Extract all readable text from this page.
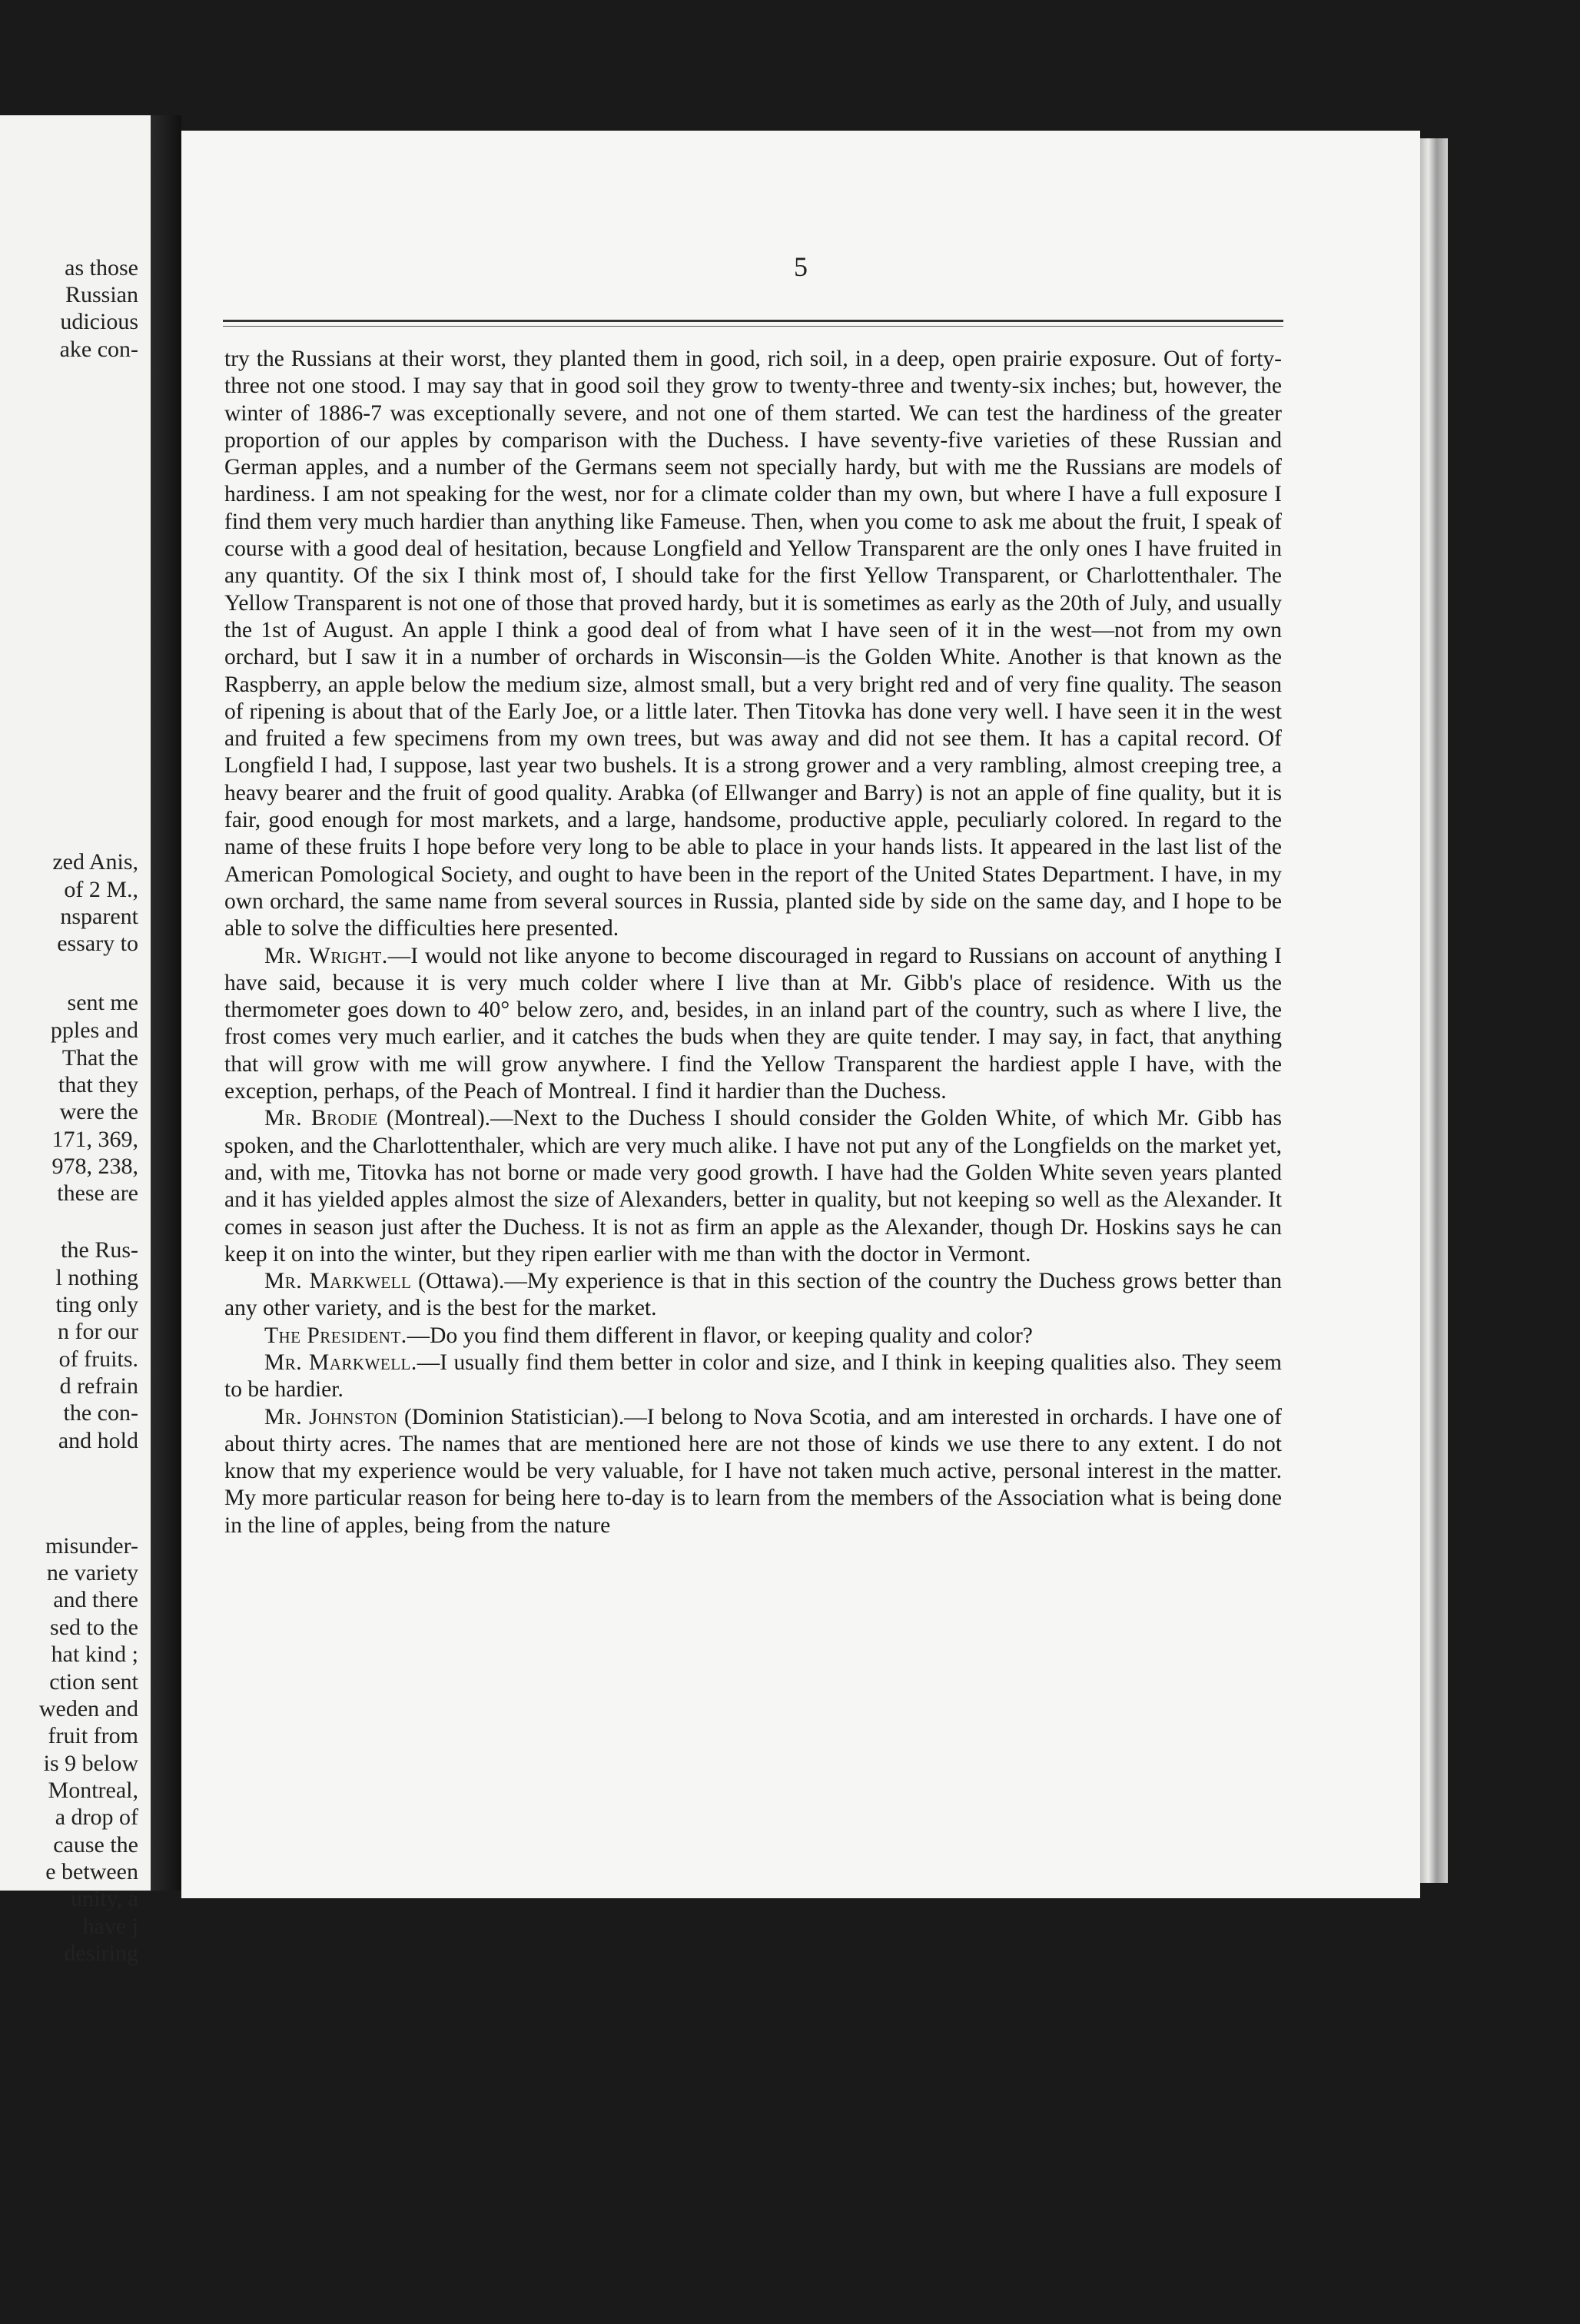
as those
Russian
udicious
ake con-
zed Anis,
of 2 M.,
nsparent
essary to
sent me
pples and
That the
that they
were the
171, 369,
978, 238,
these are
the Rus-
l nothing
ting only
n for our
of fruits.
d refrain
the con-
and hold
misunder-
ne variety
and there
sed to the
hat kind ;
ction sent
weden and
fruit from
is 9 below
Montreal,
a drop of
cause the
e between
unity, a
have j
desiring
5

try the Russians at their worst, they planted them in good, rich soil, in a deep, open prairie exposure. Out of forty-three not one stood. I may say that in good soil they grow to twenty-three and twenty-six inches; but, however, the winter of 1886-7 was exceptionally severe, and not one of them started. We can test the hardiness of the greater proportion of our apples by comparison with the Duchess. I have seventy-five varieties of these Russian and German apples, and a number of the Germans seem not specially hardy, but with me the Russians are models of hardiness. I am not speaking for the west, nor for a climate colder than my own, but where I have a full exposure I find them very much hardier than anything like Fameuse. Then, when you come to ask me about the fruit, I speak of course with a good deal of hesitation, because Longfield and Yellow Transparent are the only ones I have fruited in any quantity. Of the six I think most of, I should take for the first Yellow Transparent, or Charlottenthaler. The Yellow Transparent is not one of those that proved hardy, but it is sometimes as early as the 20th of July, and usually the 1st of August. An apple I think a good deal of from what I have seen of it in the west—not from my own orchard, but I saw it in a number of orchards in Wisconsin—is the Golden White. Another is that known as the Raspberry, an apple below the medium size, almost small, but a very bright red and of very fine quality. The season of ripening is about that of the Early Joe, or a little later. Then Titovka has done very well. I have seen it in the west and fruited a few specimens from my own trees, but was away and did not see them. It has a capital record. Of Longfield I had, I suppose, last year two bushels. It is a strong grower and a very rambling, almost creeping tree, a heavy bearer and the fruit of good quality. Arabka (of Ellwanger and Barry) is not an apple of fine quality, but it is fair, good enough for most markets, and a large, handsome, productive apple, peculiarly colored. In regard to the name of these fruits I hope before very long to be able to place in your hands lists. It appeared in the last list of the American Pomological Society, and ought to have been in the report of the United States Department. I have, in my own orchard, the same name from several sources in Russia, planted side by side on the same day, and I hope to be able to solve the difficulties here presented.

Mr. Wright.—I would not like anyone to become discouraged in regard to Russians on account of anything I have said, because it is very much colder where I live than at Mr. Gibb's place of residence. With us the thermometer goes down to 40° below zero, and, besides, in an inland part of the country, such as where I live, the frost comes very much earlier, and it catches the buds when they are quite tender. I may say, in fact, that anything that will grow with me will grow anywhere. I find the Yellow Transparent the hardiest apple I have, with the exception, perhaps, of the Peach of Montreal. I find it hardier than the Duchess.

Mr. Brodie (Montreal).—Next to the Duchess I should consider the Golden White, of which Mr. Gibb has spoken, and the Charlottenthaler, which are very much alike. I have not put any of the Longfields on the market yet, and, with me, Titovka has not borne or made very good growth. I have had the Golden White seven years planted and it has yielded apples almost the size of Alexanders, better in quality, but not keeping so well as the Alexander. It comes in season just after the Duchess. It is not as firm an apple as the Alexander, though Dr. Hoskins says he can keep it on into the winter, but they ripen earlier with me than with the doctor in Vermont.

Mr. Markwell (Ottawa).—My experience is that in this section of the country the Duchess grows better than any other variety, and is the best for the market.

The President.—Do you find them different in flavor, or keeping quality and color?

Mr. Markwell.—I usually find them better in color and size, and I think in keeping qualities also. They seem to be hardier.

Mr. Johnston (Dominion Statistician).—I belong to Nova Scotia, and am interested in orchards. I have one of about thirty acres. The names that are mentioned here are not those of kinds we use there to any extent. I do not know that my experience would be very valuable, for I have not taken much active, personal interest in the matter. My more particular reason for being here to-day is to learn from the members of the Association what is being done in the line of apples, being from the nature
